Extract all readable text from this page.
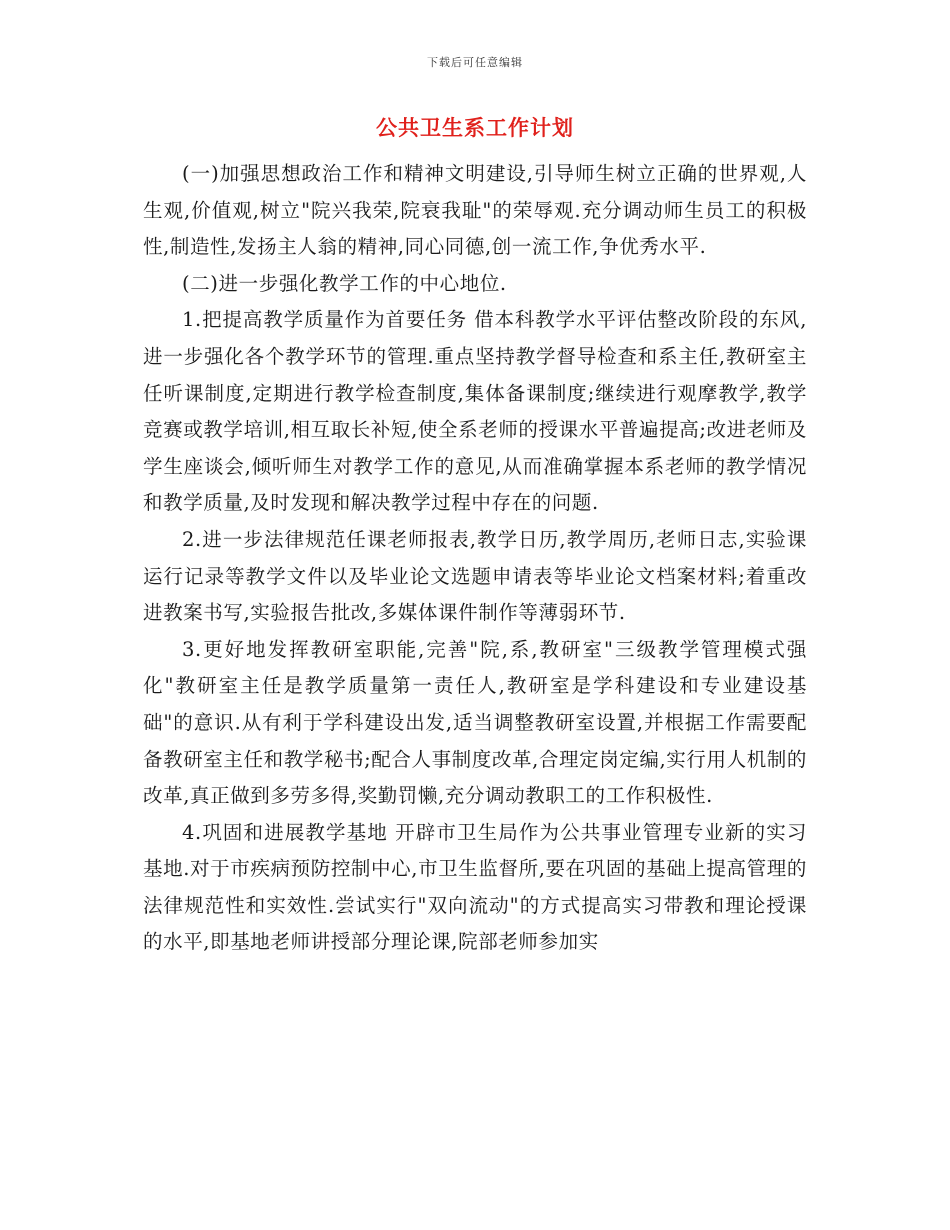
下载后可任意编辑
公共卫生系工作计划

(一)加强思想政治工作和精神文明建设,引导师生树立正确的世界观,人生观,价值观,树立"院兴我荣,院衰我耻"的荣辱观.充分调动师生员工的积极性,制造性,发扬主人翁的精神,同心同德,创一流工作,争优秀水平.

(二)进一步强化教学工作的中心地位.

1.把提高教学质量作为首要任务 借本科教学水平评估整改阶段的东风,进一步强化各个教学环节的管理.重点坚持教学督导检查和系主任,教研室主任听课制度,定期进行教学检查制度,集体备课制度;继续进行观摩教学,教学竞赛或教学培训,相互取长补短,使全系老师的授课水平普遍提高;改进老师及学生座谈会,倾听师生对教学工作的意见,从而准确掌握本系老师的教学情况和教学质量,及时发现和解决教学过程中存在的问题.

2.进一步法律规范任课老师报表,教学日历,教学周历,老师日志,实验课运行记录等教学文件以及毕业论文选题申请表等毕业论文档案材料;着重改进教案书写,实验报告批改,多媒体课件制作等薄弱环节.

3.更好地发挥教研室职能,完善"院,系,教研室"三级教学管理模式强化"教研室主任是教学质量第一责任人,教研室是学科建设和专业建设基础"的意识.从有利于学科建设出发,适当调整教研室设置,并根据工作需要配备教研室主任和教学秘书;配合人事制度改革,合理定岗定编,实行用人机制的改革,真正做到多劳多得,奖勤罚懒,充分调动教职工的工作积极性.

4.巩固和进展教学基地 开辟市卫生局作为公共事业管理专业新的实习基地.对于市疾病预防控制中心,市卫生监督所,要在巩固的基础上提高管理的法律规范性和实效性.尝试实行"双向流动"的方式提高实习带教和理论授课的水平,即基地老师讲授部分理论课,院部老师参加实
